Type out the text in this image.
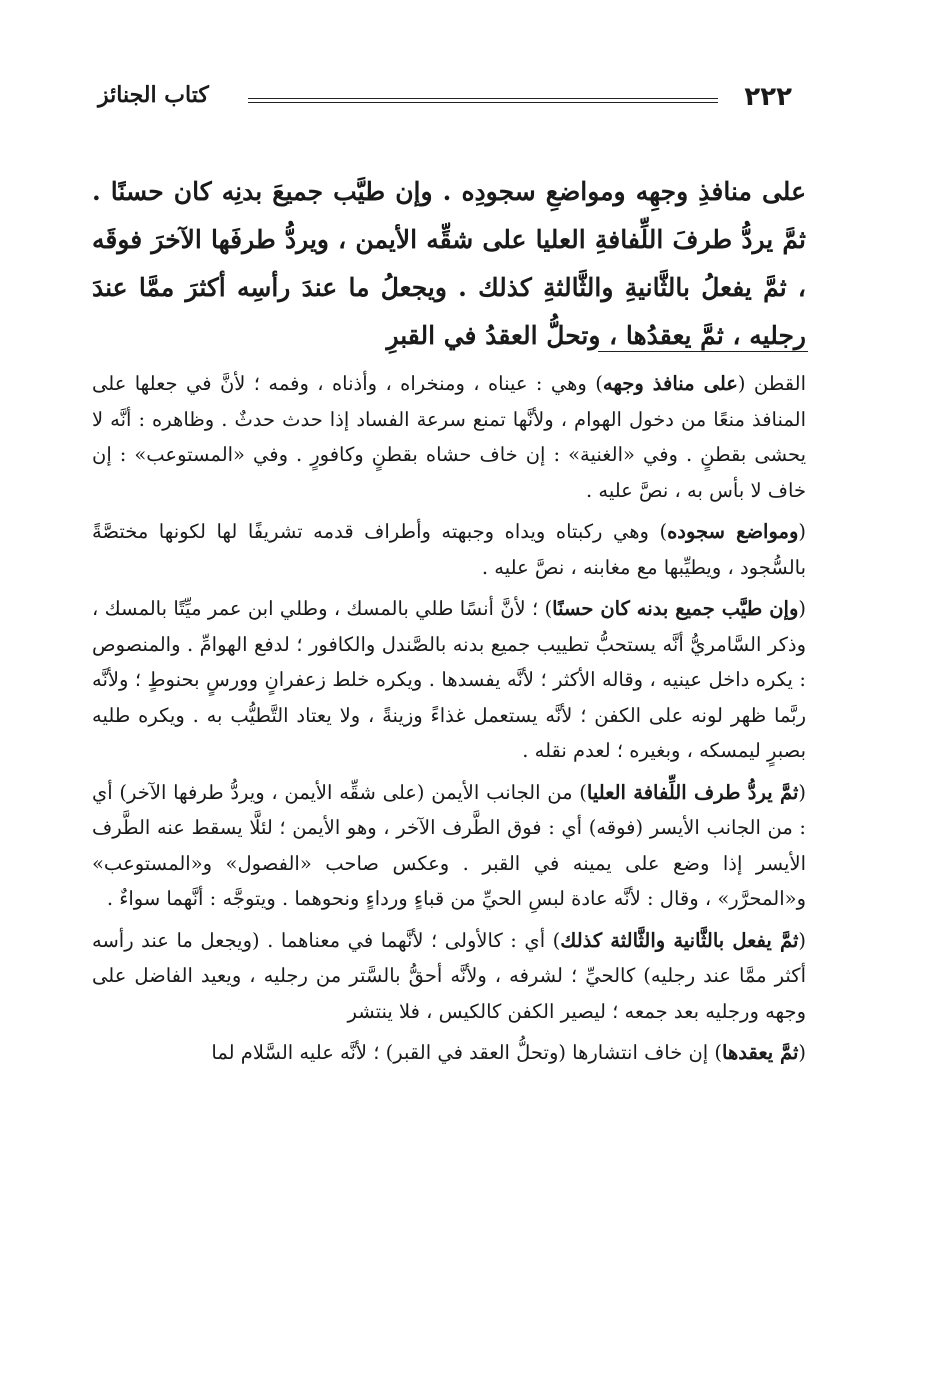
٢٢٢
كتاب الجنائز

على منافذِ وجهِه ومواضعِ سجودِه . وإن طيَّب جميعَ بدنِه كان حسنًا . ثمَّ يردُّ طرفَ اللِّفافةِ العليا على شقِّه الأيمن ، ويردُّ طرفَها الآخرَ فوقَه ، ثمَّ يفعلُ بالثَّانيةِ والثَّالثةِ كذلك . ويجعلُ ما عندَ رأسِه أكثرَ ممَّا عندَ رجليه ، ثمَّ يعقدُها ، وتحلُّ العقدُ في القبرِ

القطن (على منافذ وجهه) وهي : عيناه ، ومنخراه ، وأذناه ، وفمه ؛ لأنَّ في جعلها على المنافذ منعًا من دخول الهوام ، ولأنَّها تمنع سرعة الفساد إذا حدث حدثٌ . وظاهره : أنَّه لا يحشى بقطنٍ . وفي «الغنية» : إن خاف حشاه بقطنٍ وكافورٍ . وفي «المستوعب» : إن خاف لا بأس به ، نصَّ عليه .

(ومواضع سجوده) وهي ركبتاه ويداه وجبهته وأطراف قدمه تشريفًا لها لكونها مختصَّةً بالسُّجود ، ويطيِّبها مع مغابنه ، نصَّ عليه .

(وإن طيَّب جميع بدنه كان حسنًا) ؛ لأنَّ أنسًا طلي بالمسك ، وطلي ابن عمر ميِّتًا بالمسك ، وذكر السَّامريُّ أنَّه يستحبُّ تطييب جميع بدنه بالصَّندل والكافور ؛ لدفع الهوامِّ . والمنصوص : يكره داخل عينيه ، وقاله الأكثر ؛ لأنَّه يفسدها . ويكره خلط زعفرانٍ وورسٍ بحنوطٍ ؛ ولأنَّه ربَّما ظهر لونه على الكفن ؛ لأنَّه يستعمل غذاءً وزينةً ، ولا يعتاد التَّطيُّب به . ويكره طليه بصبرٍ ليمسكه ، وبغيره ؛ لعدم نقله .

(ثمَّ يردُّ طرف اللِّفافة العليا) من الجانب الأيمن (على شقِّه الأيمن ، ويردُّ طرفها الآخر) أي : من الجانب الأيسر (فوقه) أي : فوق الطَّرف الآخر ، وهو الأيمن ؛ لئلَّا يسقط عنه الطَّرف الأيسر إذا وضع على يمينه في القبر . وعكس صاحب «الفصول» و«المستوعب» و«المحرَّر» ، وقال : لأنَّه عادة لبسِ الحيِّ من قباءٍ ورداءٍ ونحوهما . ويتوجَّه : أنَّهما سواءٌ .

(ثمَّ يفعل بالثَّانية والثَّالثة كذلك) أي : كالأولى ؛ لأنَّهما في معناهما . (ويجعل ما عند رأسه أكثر ممَّا عند رجليه) كالحيِّ ؛ لشرفه ، ولأنَّه أحقُّ بالسَّتر من رجليه ، ويعيد الفاضل على وجهه ورجليه بعد جمعه ؛ ليصير الكفن كالكيس ، فلا ينتشر

(ثمَّ يعقدها) إن خاف انتشارها (وتحلُّ العقد في القبر) ؛ لأنَّه عليه السَّلام لما
